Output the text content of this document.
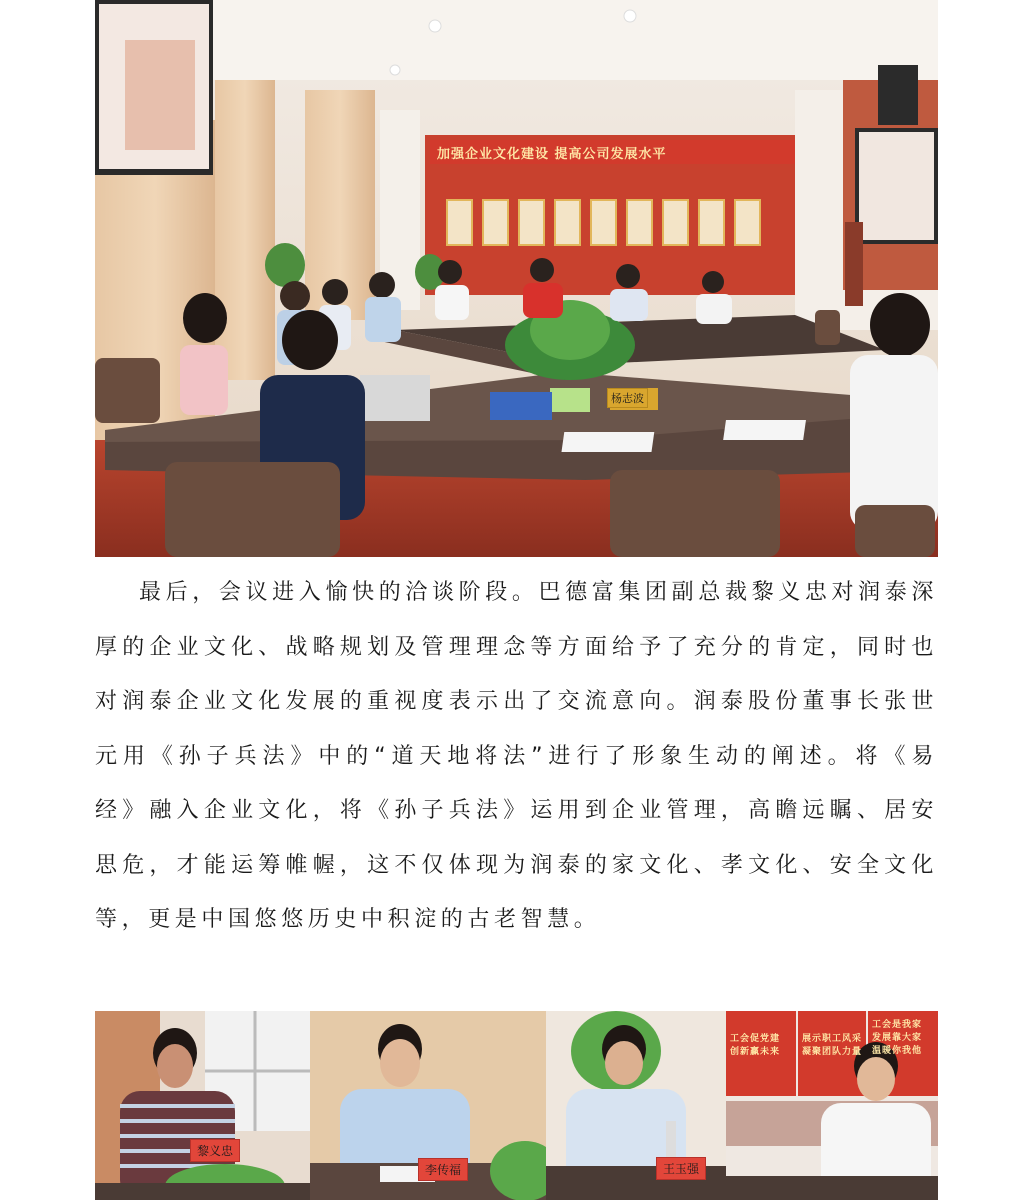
加强企业文化建设 提高公司发展水平
杨志波

最后，会议进入愉快的洽谈阶段。巴德富集团副总裁黎义忠对润泰深厚的企业文化、战略规划及管理理念等方面给予了充分的肯定，同时也对润泰企业文化发展的重视度表示出了交流意向。润泰股份董事长张世元用《孙子兵法》中的“道天地将法”进行了形象生动的阐述。将《易经》融入企业文化，将《孙子兵法》运用到企业管理，高瞻远瞩、居安思危，才能运筹帷幄，这不仅体现为润泰的家文化、孝文化、安全文化等，更是中国悠悠历史中积淀的古老智慧。

黎义忠
李传福	王玉强
工会促党建 创新赢未来
展示职工风采 凝聚团队力量
工会是我家 发展靠大家 温暖你我他
